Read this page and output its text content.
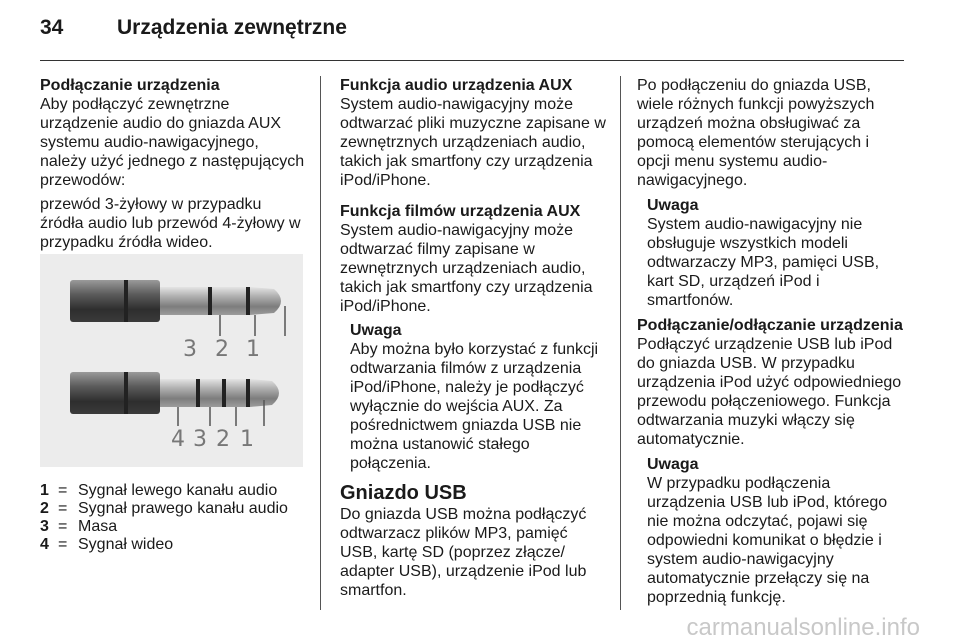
34	Urządzenia zewnętrzne

Podłączanie urządzenia

Aby podłączyć zewnętrzne

urządzenie audio do gniazda AUX

systemu audio-nawigacyjnego,

należy użyć jednego z następujących

przewodów:

przewód 3-żyłowy w przypadku

źródła audio lub przewód 4-żyłowy w

przypadku źródła wideo.

3 2 1
4 3 2 1
1 = Sygnał lewego kanału audio
2 = Sygnał prawego kanału audio
3 = Masa
4 = Sygnał wideo

Funkcja audio urządzenia AUX

System audio-nawigacyjny może

odtwarzać pliki muzyczne zapisane w

zewnętrznych urządzeniach audio,

takich jak smartfony czy urządzenia

iPod/iPhone.

Funkcja filmów urządzenia AUX

System audio-nawigacyjny może

odtwarzać filmy zapisane w

zewnętrznych urządzeniach audio,

takich jak smartfony czy urządzenia

iPod/iPhone.

Uwaga

Aby można było korzystać z funkcji

odtwarzania filmów z urządzenia

iPod/iPhone, należy je podłączyć

wyłącznie do wejścia AUX. Za

pośrednictwem gniazda USB nie

można ustanowić stałego

połączenia.

Gniazdo USB

Do gniazda USB można podłączyć

odtwarzacz plików MP3, pamięć

USB, kartę SD (poprzez złącze/

adapter USB), urządzenie iPod lub

smartfon.

Po podłączeniu do gniazda USB,

wiele różnych funkcji powyższych

urządzeń można obsługiwać za

pomocą elementów sterujących i

opcji menu systemu audio-

nawigacyjnego.

Uwaga

System audio-nawigacyjny nie

obsługuje wszystkich modeli

odtwarzaczy MP3, pamięci USB,

kart SD, urządzeń iPod i

smartfonów.

Podłączanie/odłączanie urządzenia

Podłączyć urządzenie USB lub iPod

do gniazda USB. W przypadku

urządzenia iPod użyć odpowiedniego

przewodu połączeniowego. Funkcja

odtwarzania muzyki włączy się

automatycznie.

Uwaga

W przypadku podłączenia

urządzenia USB lub iPod, którego

nie można odczytać, pojawi się

odpowiedni komunikat o błędzie i

system audio-nawigacyjny

automatycznie przełączy się na

poprzednią funkcję.

carmanualsonline.info
